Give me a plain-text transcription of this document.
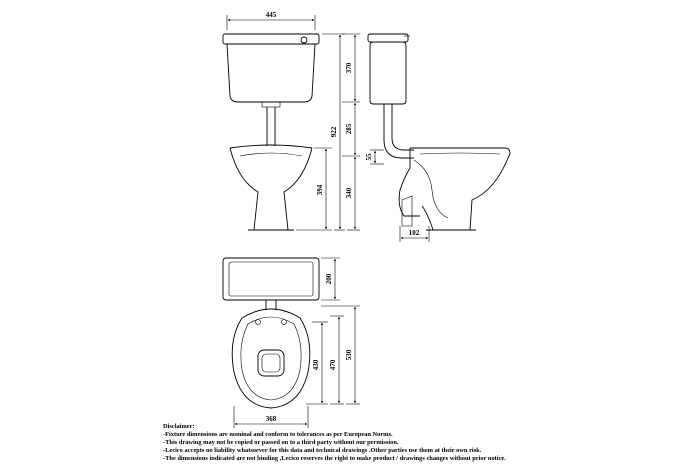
445
394
922
370
285
340
55
102
200
430 470
530
368
Disclaimer:
-Fixture dimensions are nominal and conform to tolerances as per European Norms.
-This drawing may not be copied or passed on to a third party without our permission.
-Lecico accepts no liability whatsoever for this data and technical drawings .Other parties use them at their own risk.
-The dimensions indicated are not binding ,Lecico reserves the right to make product / drawings changes without prior notice.
